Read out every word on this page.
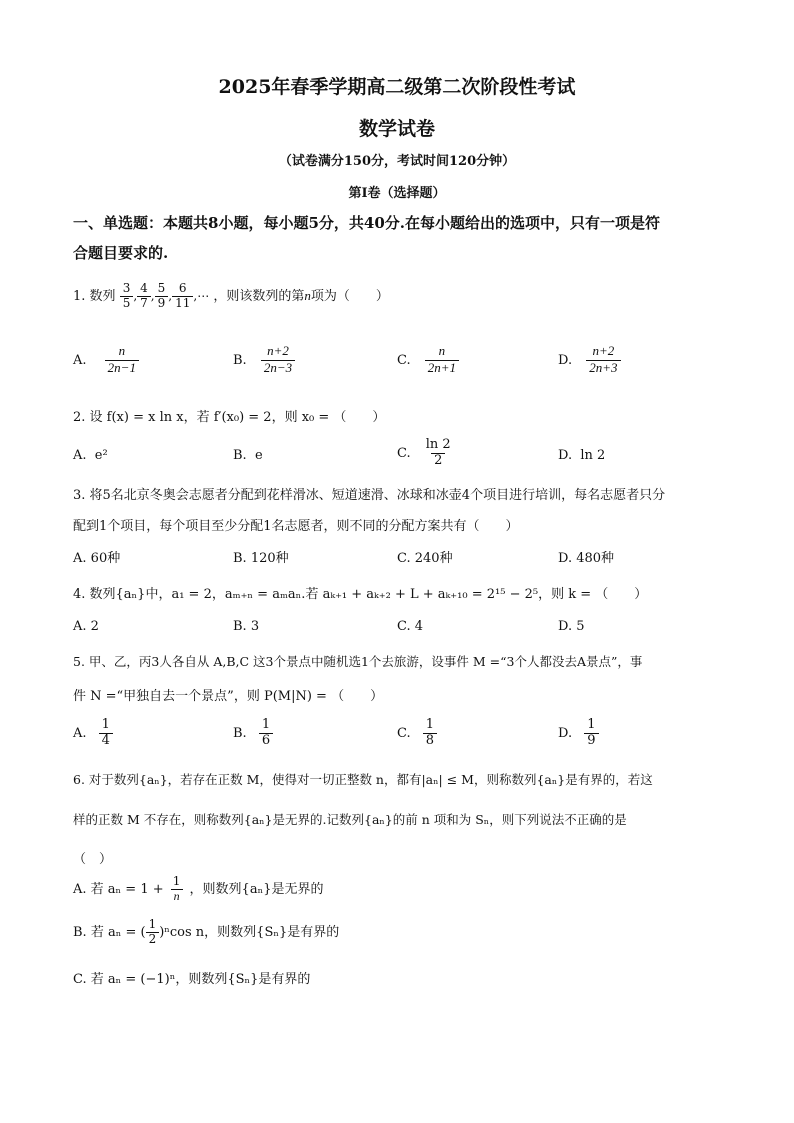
2025年春季学期高二级第二次阶段性考试
数学试卷
（试卷满分150分，考试时间120分钟）
第I卷（选择题）
一、单选题：本题共8小题，每小题5分，共40分.在每小题给出的选项中，只有一项是符
合题目要求的.
1. 数列 $\frac{3}{5}$ , $\frac{4}{7}$ , $\frac{5}{9}$ , $\frac{6}{11}$ ,⋯ ，则该数列的第n项为（　　）
A. $\frac{n}{2n-1}$	B. $\frac{n+2}{2n-3}$	C. $\frac{n}{2n+1}$	D. $\frac{n+2}{2n+3}$
2. 设 f(x) = x ln x，若 f′(x₀) = 2，则 x₀ = （　　）
A. e²	B. e	C. $\frac{\ln 2}{2}$	D. ln 2
3. 将5名北京冬奥会志愿者分配到花样滑冰、短道速滑、冰球和冰壶4个项目进行培训，每名志愿者只分
配到1个项目，每个项目至少分配1名志愿者，则不同的分配方案共有（　　）
A. 60种	B. 120种	C. 240种	D. 480种
4. 数列{aₙ}中，a₁ = 2，aₘ₊ₙ = aₘaₙ.若 aₖ₊₁ + aₖ₊₂ + L + aₖ₊₁₀ = 2¹⁵ − 2⁵，则 k = （　　）
A. 2	B. 3	C. 4	D. 5
5. 甲、乙，丙3人各自从 A,B,C 这3个景点中随机选1个去旅游，设事件 M =“3个人都没去A景点”，事
件 N =“甲独自去一个景点”，则 P(M|N) = （　　）
A. $\frac{1}{4}$	B. $\frac{1}{6}$	C. $\frac{1}{8}$	D. $\frac{1}{9}$
6. 对于数列{aₙ}，若存在正数 M，使得对一切正整数 n，都有|aₙ| ≤ M，则称数列{aₙ}是有界的，若这
样的正数 M 不存在，则称数列{aₙ}是无界的.记数列{aₙ}的前 n 项和为 Sₙ，则下列说法不正确的是
（　）
A. 若 $a_n = 1 + \frac{1}{n}$ ，则数列{aₙ}是无界的
B. 若 aₙ = ( $\frac{1}{2} )^n\cos$ n，则数列{Sₙ}是有界的
C. 若 aₙ = (−1)ⁿ，则数列{Sₙ}是有界的
